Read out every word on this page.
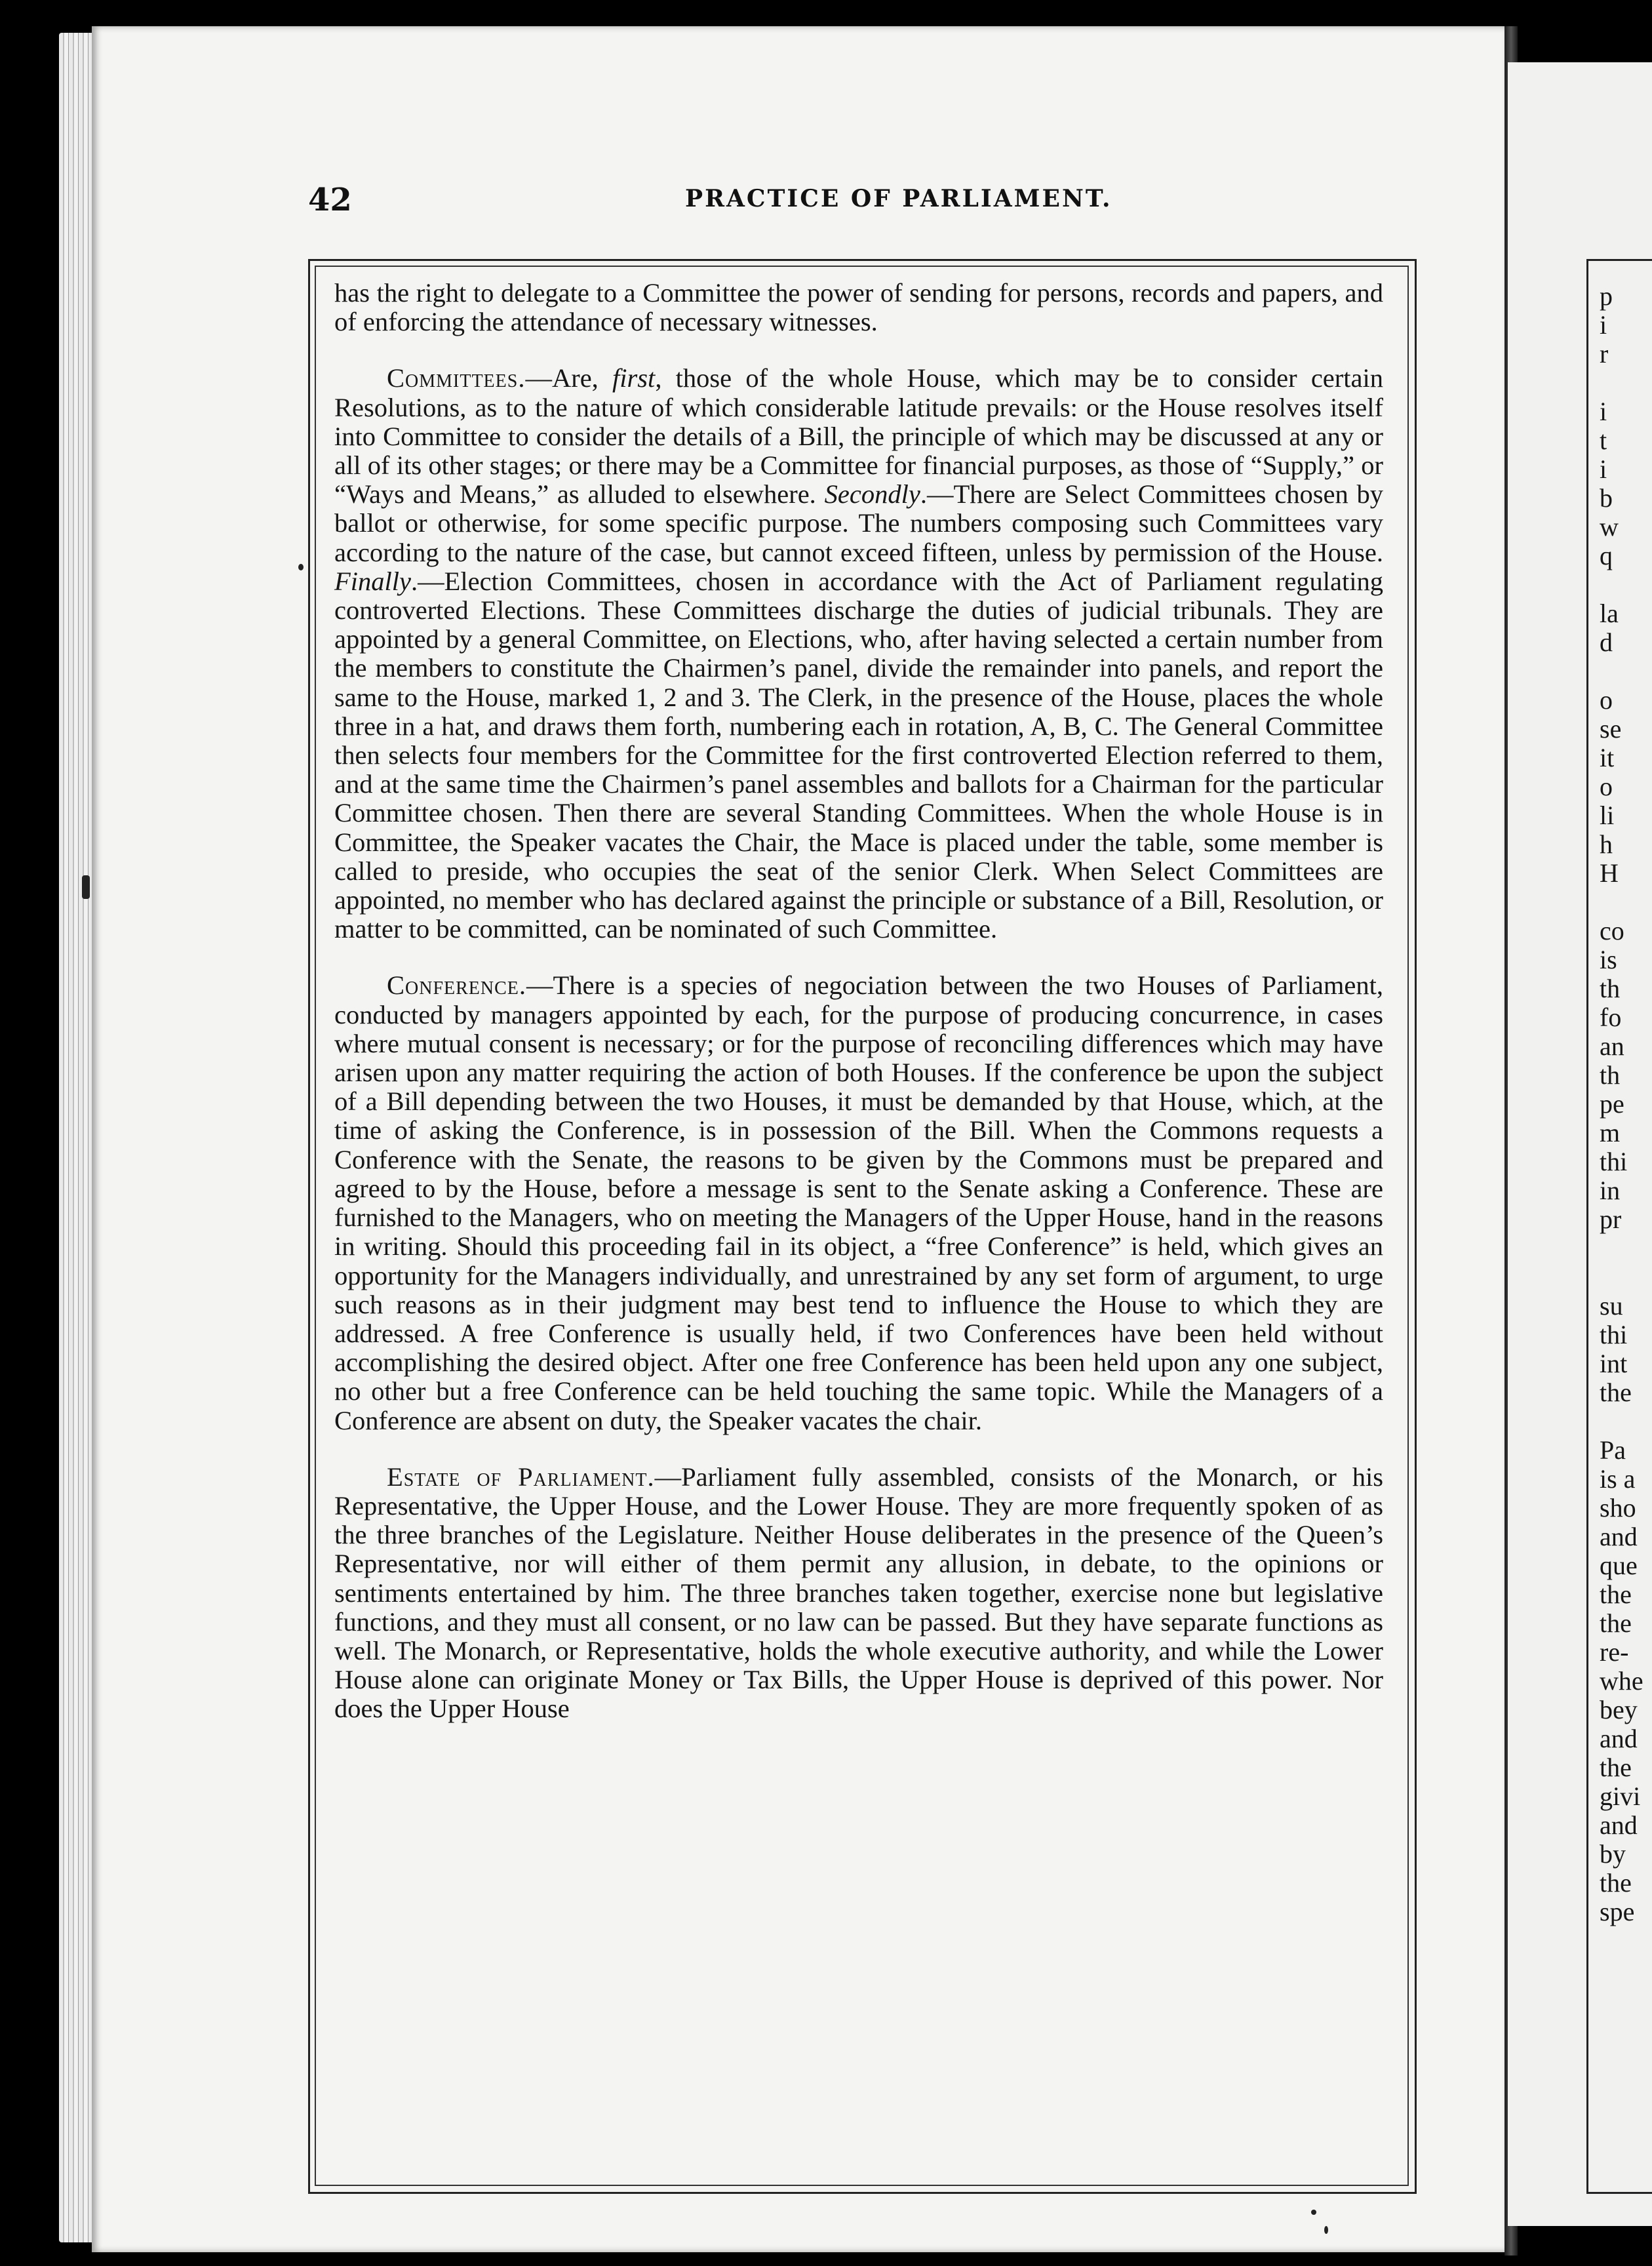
42	PRACTICE OF PARLIAMENT.

has the right to delegate to a Committee the power of sending for persons, records and papers, and of enforcing the attendance of necessary witnesses.

Committees.—Are, first, those of the whole House, which may be to consider certain Resolutions, as to the nature of which considerable latitude prevails: or the House resolves itself into Committee to consider the details of a Bill, the principle of which may be discussed at any or all of its other stages; or there may be a Committee for financial purposes, as those of “Supply,” or “Ways and Means,” as alluded to elsewhere. Secondly.—There are Select Committees chosen by ballot or otherwise, for some specific purpose. The numbers composing such Committees vary according to the nature of the case, but cannot exceed fifteen, unless by permission of the House. Finally.—Election Committees, chosen in accordance with the Act of Parliament regulating controverted Elections. These Committees discharge the duties of judicial tribunals. They are appointed by a general Committee, on Elections, who, after having selected a certain number from the members to constitute the Chairmen’s panel, divide the remainder into panels, and report the same to the House, marked 1, 2 and 3. The Clerk, in the presence of the House, places the whole three in a hat, and draws them forth, numbering each in rotation, A, B, C. The General Committee then selects four members for the Committee for the first controverted Election referred to them, and at the same time the Chairmen’s panel assembles and ballots for a Chairman for the particular Committee chosen. Then there are several Standing Committees. When the whole House is in Committee, the Speaker vacates the Chair, the Mace is placed under the table, some member is called to preside, who occupies the seat of the senior Clerk. When Select Committees are appointed, no member who has declared against the principle or substance of a Bill, Resolution, or matter to be committed, can be nominated of such Committee.

Conference.—There is a species of negociation between the two Houses of Parliament, conducted by managers appointed by each, for the purpose of producing concurrence, in cases where mutual consent is necessary; or for the purpose of reconciling differences which may have arisen upon any matter requiring the action of both Houses. If the conference be upon the subject of a Bill depending between the two Houses, it must be demanded by that House, which, at the time of asking the Conference, is in possession of the Bill. When the Commons requests a Conference with the Senate, the reasons to be given by the Commons must be prepared and agreed to by the House, before a message is sent to the Senate asking a Conference. These are furnished to the Managers, who on meeting the Managers of the Upper House, hand in the reasons in writing. Should this proceeding fail in its object, a “free Conference” is held, which gives an opportunity for the Managers individually, and unrestrained by any set form of argument, to urge such reasons as in their judgment may best tend to influence the House to which they are addressed. A free Conference is usually held, if two Conferences have been held without accomplishing the desired object. After one free Conference has been held upon any one subject, no other but a free Conference can be held touching the same topic. While the Managers of a Conference are absent on duty, the Speaker vacates the chair.

Estate of Parliament.—Parliament fully assembled, consists of the Monarch, or his Representative, the Upper House, and the Lower House. They are more frequently spoken of as the three branches of the Legislature. Neither House deliberates in the presence of the Queen’s Representative, nor will either of them permit any allusion, in debate, to the opinions or sentiments entertained by him. The three branches taken together, exercise none but legislative functions, and they must all consent, or no law can be passed. But they have separate functions as well. The Monarch, or Representative, holds the whole executive authority, and while the Lower House alone can originate Money or Tax Bills, the Upper House is deprived of this power. Nor does the Upper House

p
i
r
i
t
i
b
w
q
la
d
o
se
it
o
li
h
H
co
is
th
fo
an
th
pe
m
thi
in
pr
su
thi
int
the
Pa
is a
sho
and
que
the
the
re-
whe
bey
and
the
givi
and
by
the
spe
